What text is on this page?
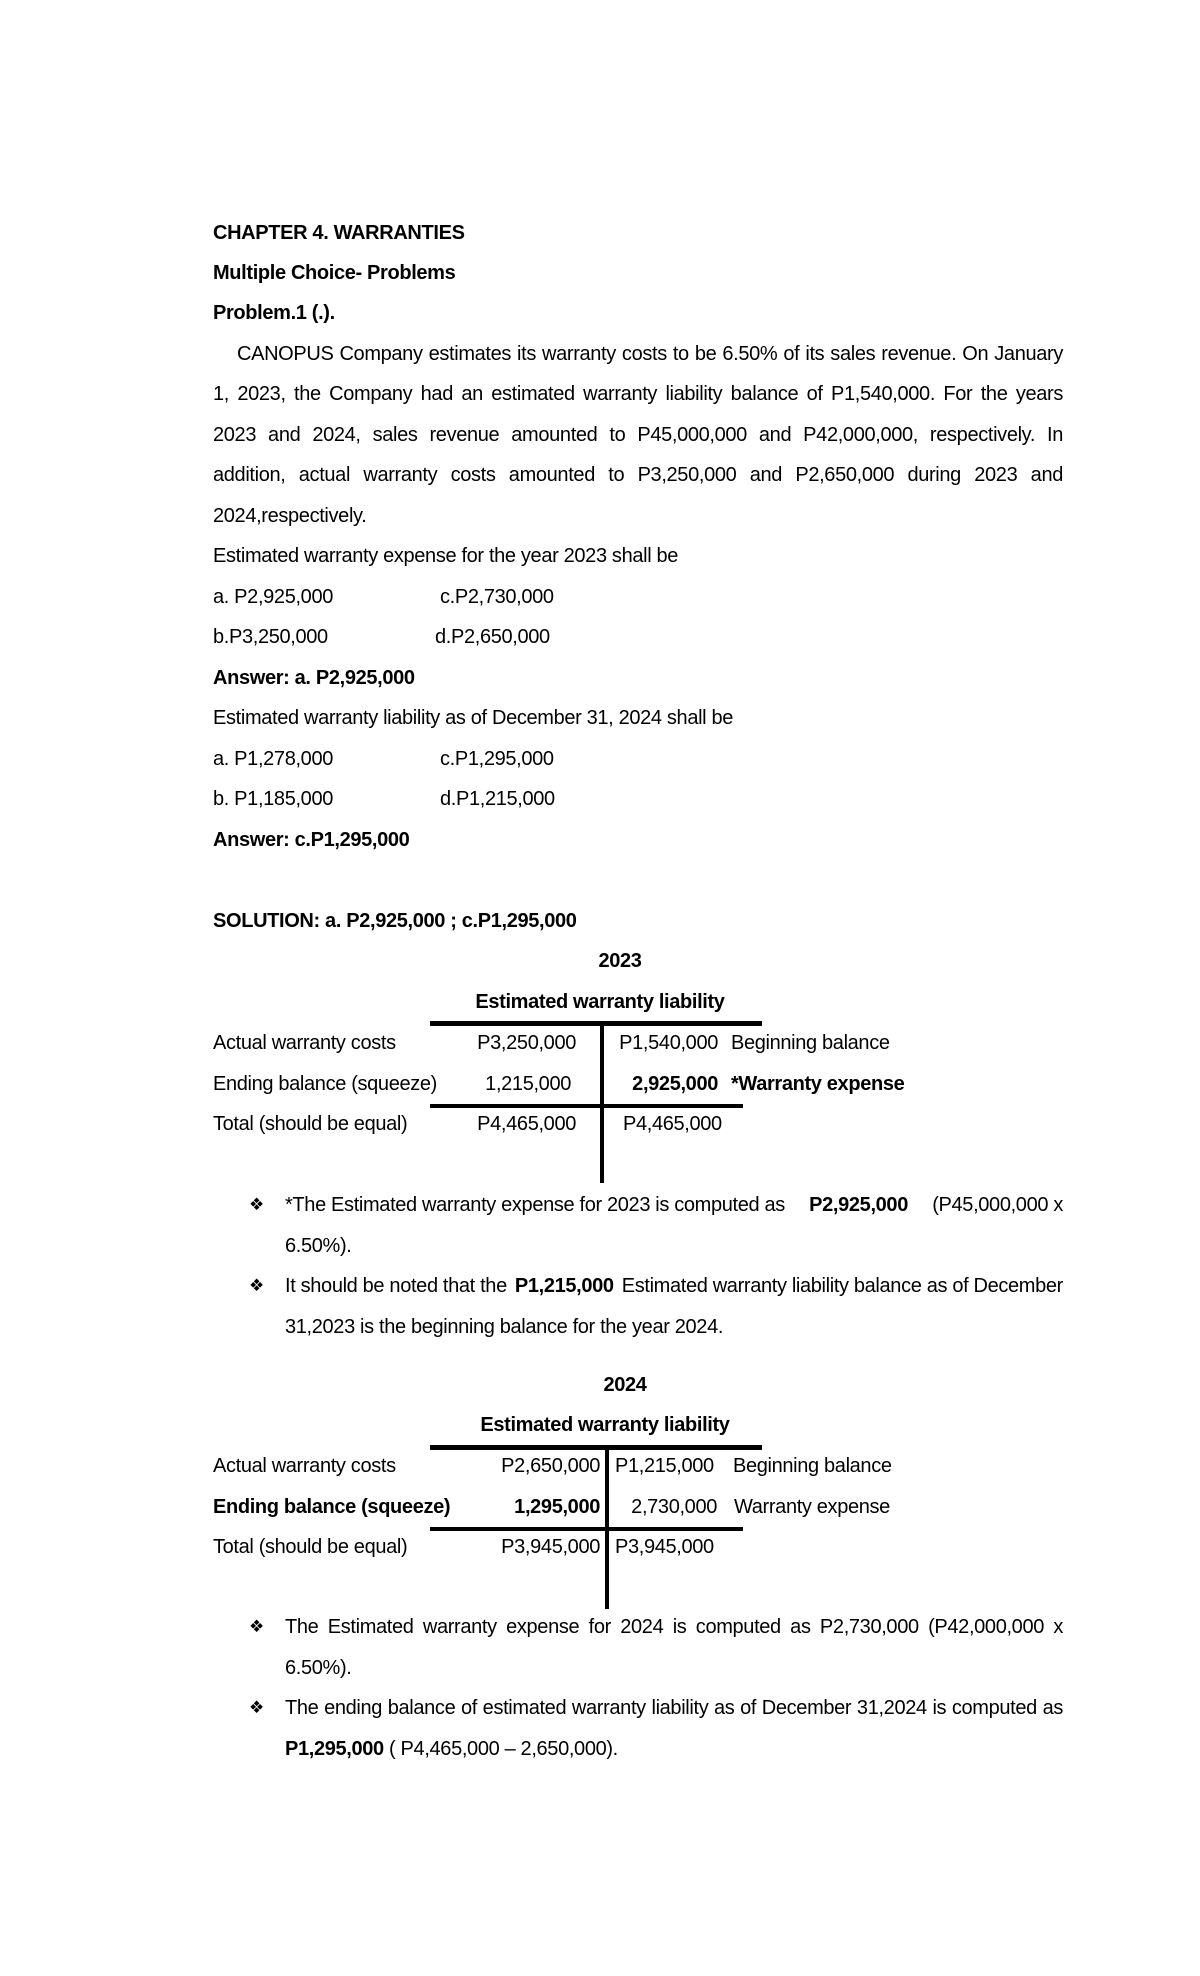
CHAPTER 4. WARRANTIES
Multiple Choice- Problems
Problem.1 (.).
CANOPUS Company estimates its warranty costs to be 6.50% of its sales revenue. On January
1, 2023, the Company had an estimated warranty liability balance of P1,540,000. For the years
2023 and 2024, sales revenue amounted to P45,000,000 and P42,000,000, respectively. In
addition, actual warranty costs amounted to P3,250,000 and P2,650,000 during 2023 and
2024,respectively.
Estimated warranty expense for the year 2023 shall be
a. P2,925,000	c.P2,730,000
b.P3,250,000	d.P2,650,000
Answer: a. P2,925,000
Estimated warranty liability as of December 31, 2024 shall be
a. P1,278,000	c.P1,295,000
b. P1,185,000	d.P1,215,000
Answer: c.P1,295,000
SOLUTION: a. P2,925,000 ; c.P1,295,000
2023
Estimated warranty liability
Actual warranty costs	P3,250,000	P1,540,000 Beginning balance
Ending balance (squeeze)	1,215,000	2,925,000 *Warranty expense
Total (should be equal)	P4,465,000 P4,465,000
❖ *The Estimated warranty expense for 2023 is computed as P2,925,000 (P45,000,000 x
6.50%).
❖ It should be noted that the P1,215,000 Estimated warranty liability balance as of December
31,2023 is the beginning balance for the year 2024.
2024
Estimated warranty liability
Actual warranty costs	P2,650,000 P1,215,000 Beginning balance
Ending balance (squeeze)	1,295,000	2,730,000 Warranty expense
Total (should be equal)	P3,945,000 P3,945,000
❖ The Estimated warranty expense for 2024 is computed as P2,730,000 (P42,000,000 x
6.50%).
❖ The ending balance of estimated warranty liability as of December 31,2024 is computed as
P1,295,000 ( P4,465,000 – 2,650,000).
